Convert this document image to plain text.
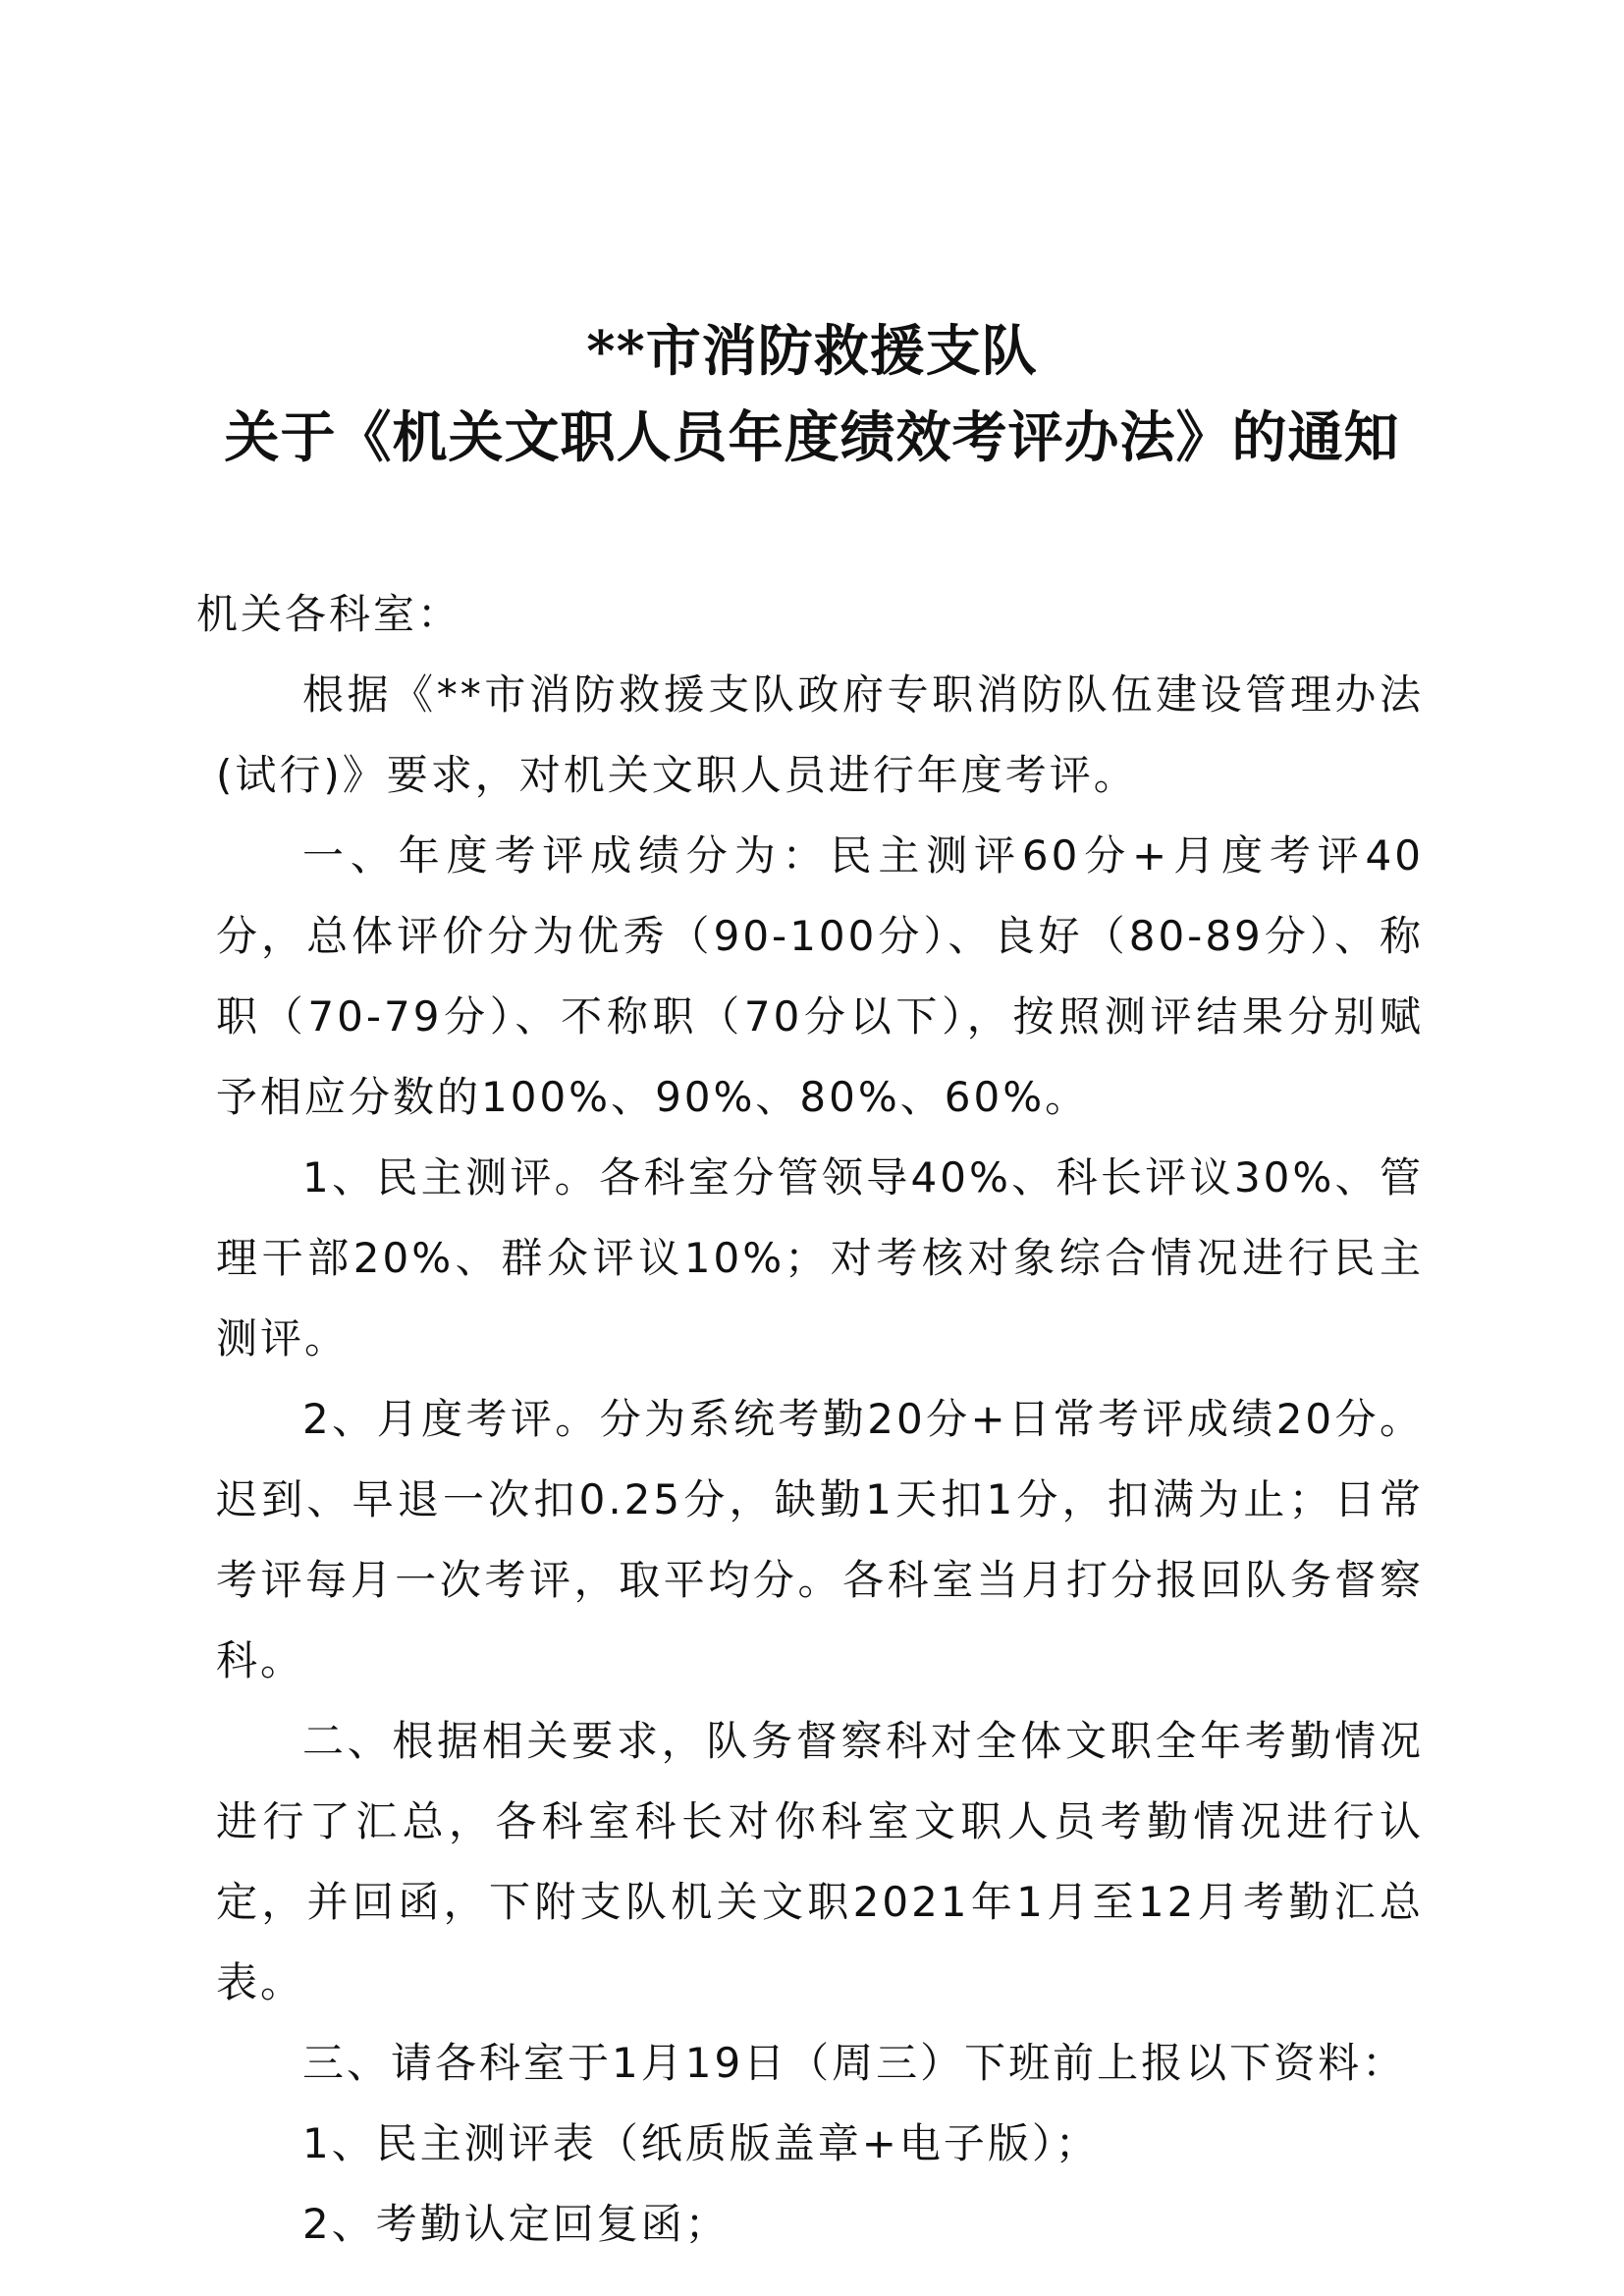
**市消防救援支队
关于《机关文职人员年度绩效考评办法》的通知
机关各科室：

根据《**市消防救援支队政府专职消防队伍建设管理办法(试行)》要求，对机关文职人员进行年度考评。

一、年度考评成绩分为：民主测评60分+月度考评40分，总体评价分为优秀（90-100分）、良好（80-89分）、称职（70-79分）、不称职（70分以下），按照测评结果分别赋予相应分数的100%、90%、80%、60%。

1、民主测评。各科室分管领导40%、科长评议30%、管理干部20%、群众评议10%；对考核对象综合情况进行民主测评。

2、月度考评。分为系统考勤20分+日常考评成绩20分。迟到、早退一次扣0.25分，缺勤1天扣1分，扣满为止；日常考评每月一次考评，取平均分。各科室当月打分报回队务督察科。

二、根据相关要求，队务督察科对全体文职全年考勤情况进行了汇总，各科室科长对你科室文职人员考勤情况进行认定，并回函，下附支队机关文职2021年1月至12月考勤汇总表。

三、请各科室于1月19日（周三）下班前上报以下资料：

1、民主测评表（纸质版盖章+电子版）；

2、考勤认定回复函；
